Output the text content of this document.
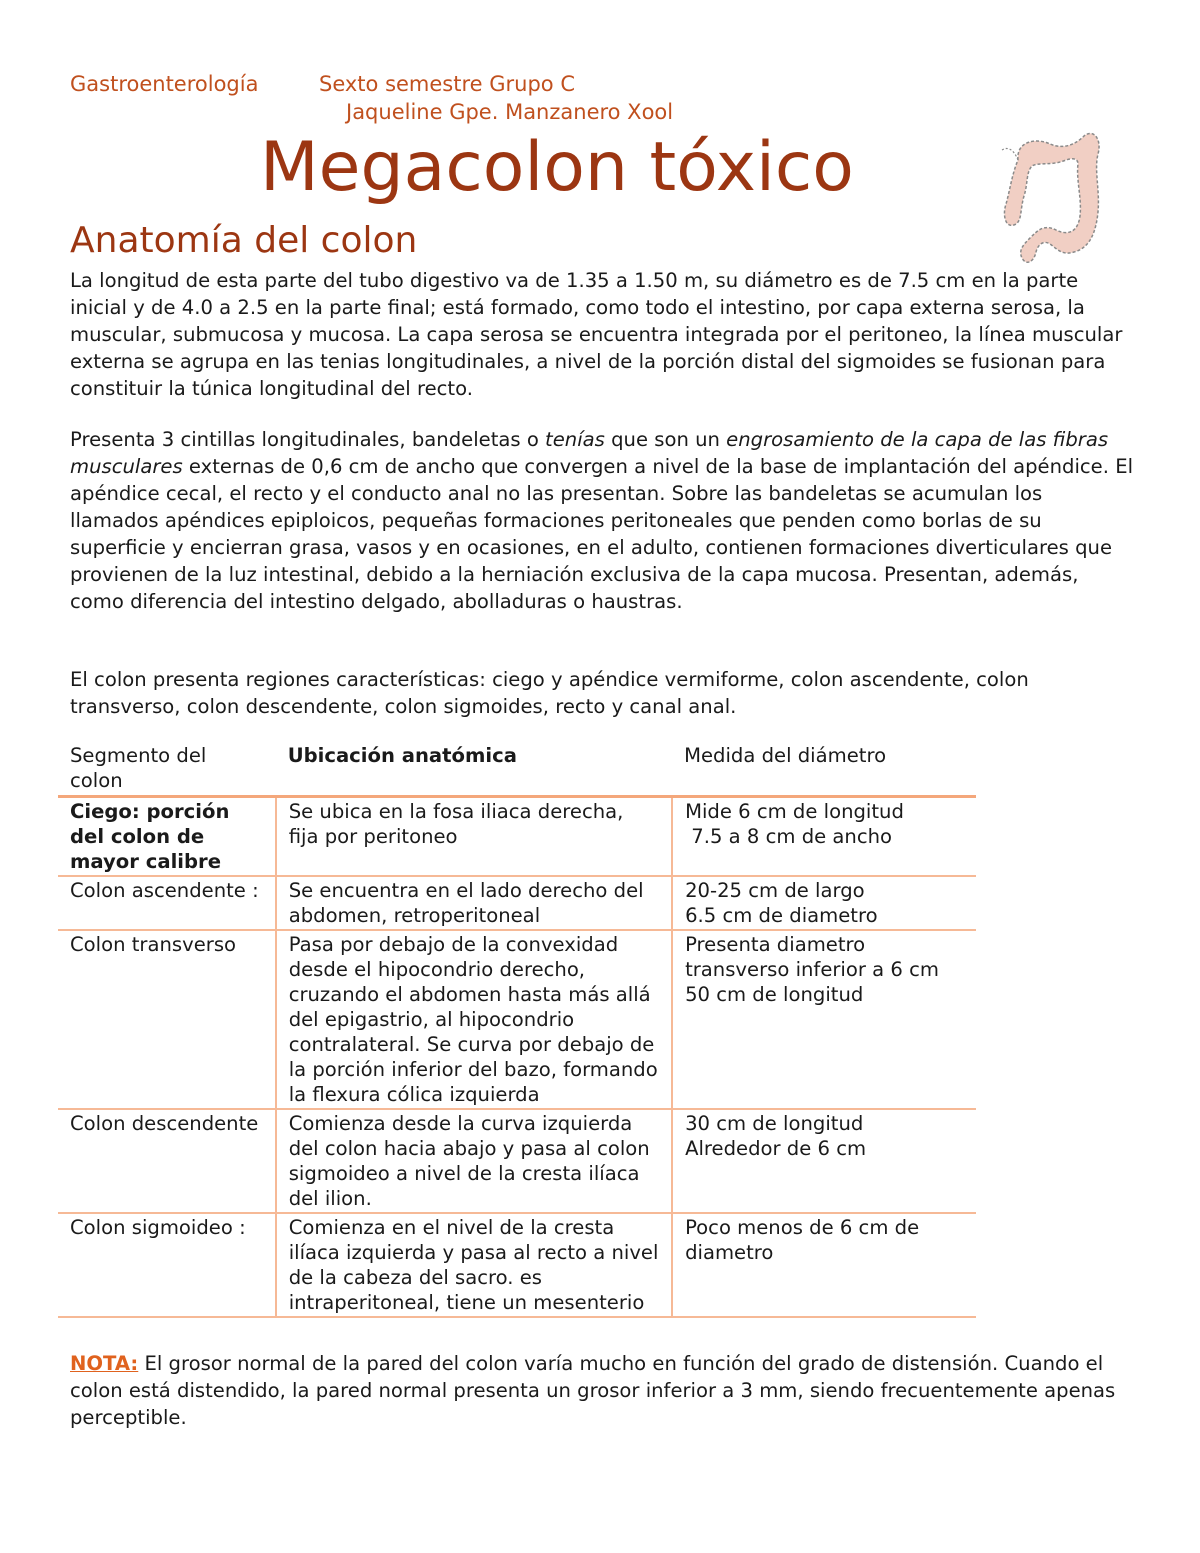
Gastroenterología	Sexto semestre Grupo C
Jaqueline Gpe. Manzanero Xool
Megacolon tóxico
Anatomía del colon

La longitud de esta parte del tubo digestivo va de 1.35 a 1.50 m, su diámetro es de 7.5 cm en la parte inicial y de 4.0 a 2.5 en la parte final; está formado, como todo el intestino, por capa externa serosa, la muscular, submucosa y mucosa. La capa serosa se encuentra integrada por el peritoneo, la línea muscular externa se agrupa en las tenias longitudinales, a nivel de la porción distal del sigmoides se fusionan para constituir la túnica longitudinal del recto.

Presenta 3 cintillas longitudinales, bandeletas o tenías que son un engrosamiento de la capa de las fibras musculares externas de 0,6 cm de ancho que convergen a nivel de la base de implantación del apéndice. El apéndice cecal, el recto y el conducto anal no las presentan. Sobre las bandeletas se acumulan los llamados apéndices epiploicos, pequeñas formaciones peritoneales que penden como borlas de su superficie y encierran grasa, vasos y en ocasiones, en el adulto, contienen formaciones diverticulares que provienen de la luz intestinal, debido a la herniación exclusiva de la capa mucosa. Presentan, además, como diferencia del intestino delgado, abolladuras o haustras.

El colon presenta regiones características: ciego y apéndice vermiforme, colon ascendente, colon transverso, colon descendente, colon sigmoides, recto y canal anal.

Segmento del colon	Ubicación anatómica	Medida del diámetro
Ciego: porción del colon de mayor calibre	Se ubica en la fosa iliaca derecha, fija por peritoneo	Mide 6 cm de longitud
7.5 a 8 cm de ancho
Colon ascendente :	Se encuentra en el lado derecho del abdomen, retroperitoneal	20-25 cm de largo
6.5 cm de diametro
Colon transverso	Pasa por debajo de la convexidad desde el hipocondrio derecho, cruzando el abdomen hasta más allá del epigastrio, al hipocondrio contralateral. Se curva por debajo de la porción inferior del bazo, formando la flexura cólica izquierda	Presenta diametro transverso inferior a 6 cm
50 cm de longitud
Colon descendente	Comienza desde la curva izquierda del colon hacia abajo y pasa al colon sigmoideo a nivel de la cresta ilíaca del ilion.	30 cm de longitud
Alrededor de 6 cm
Colon sigmoideo :	Comienza en el nivel de la cresta ilíaca izquierda y pasa al recto a nivel de la cabeza del sacro. es intraperitoneal, tiene un mesenterio	Poco menos de 6 cm de diametro
NOTA: El grosor normal de la pared del colon varía mucho en función del grado de distensión. Cuando el colon está distendido, la pared normal presenta un grosor inferior a 3 mm, siendo frecuentemente apenas perceptible.
